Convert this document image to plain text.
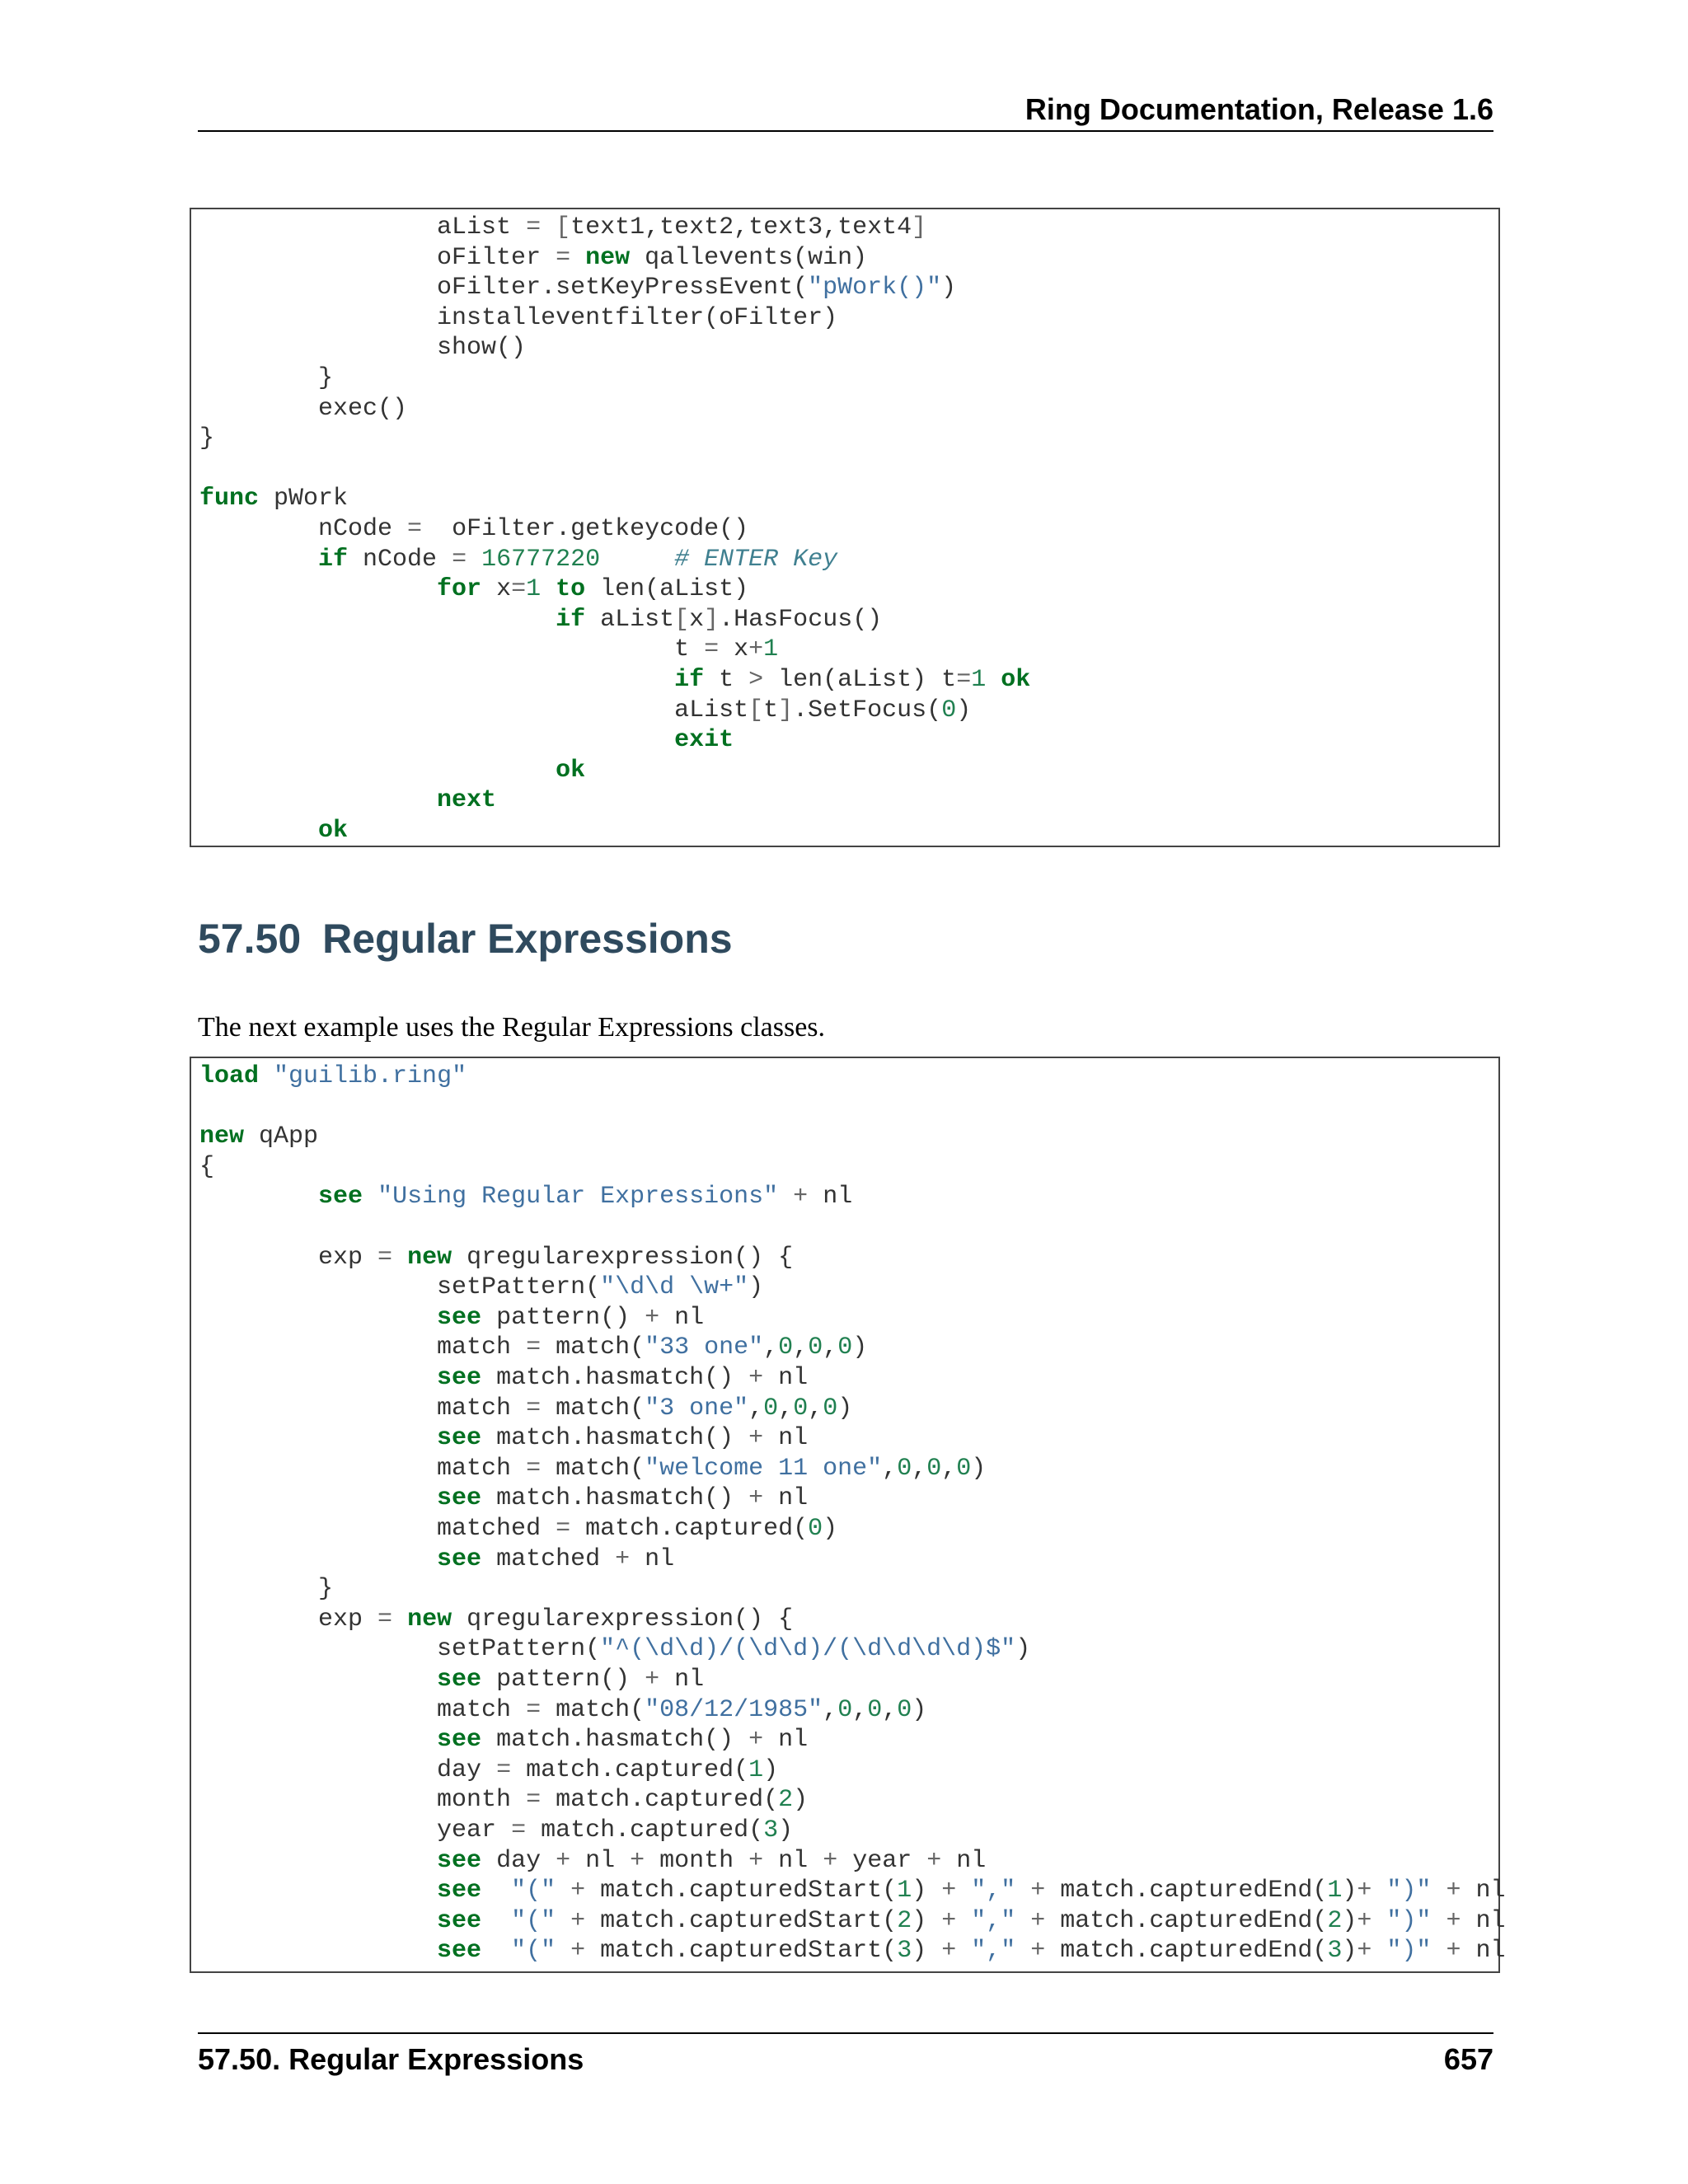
Ring Documentation, Release 1.6
aList = [text1,text2,text3,text4]
oFilter = new qallevents(win)
oFilter.setKeyPressEvent("pWork()")
installeventfilter(oFilter)
show()
}
exec()
}
func pWork
nCode =  oFilter.getkeycode()
if nCode = 16777220	# ENTER Key
for x=1 to len(aList)
if aList[x].HasFocus()
t = x+1
if t > len(aList) t=1 ok
aList[t].SetFocus(0)
exit
ok
next
ok
57.50 Regular Expressions
The next example uses the Regular Expressions classes.
load "guilib.ring"
new qApp
{
see "Using Regular Expressions" + nl
exp = new qregularexpression() {
setPattern("\d\d \w+")
see pattern() + nl
match = match("33 one",0,0,0)
see match.hasmatch() + nl
match = match("3 one",0,0,0)
see match.hasmatch() + nl
match = match("welcome 11 one",0,0,0)
see match.hasmatch() + nl
matched = match.captured(0)
see matched + nl
}
exp = new qregularexpression() {
setPattern("^(\d\d)/(\d\d)/(\d\d\d\d)$")
see pattern() + nl
match = match("08/12/1985",0,0,0)
see match.hasmatch() + nl
day = match.captured(1)
month = match.captured(2)
year = match.captured(3)
see day + nl + month + nl + year + nl
see "(" + match.capturedStart(1) + "," + match.capturedEnd(1)+ ")" + nl
see "(" + match.capturedStart(2) + "," + match.capturedEnd(2)+ ")" + nl
see "(" + match.capturedStart(3) + "," + match.capturedEnd(3)+ ")" + nl
57.50. Regular Expressions	657
